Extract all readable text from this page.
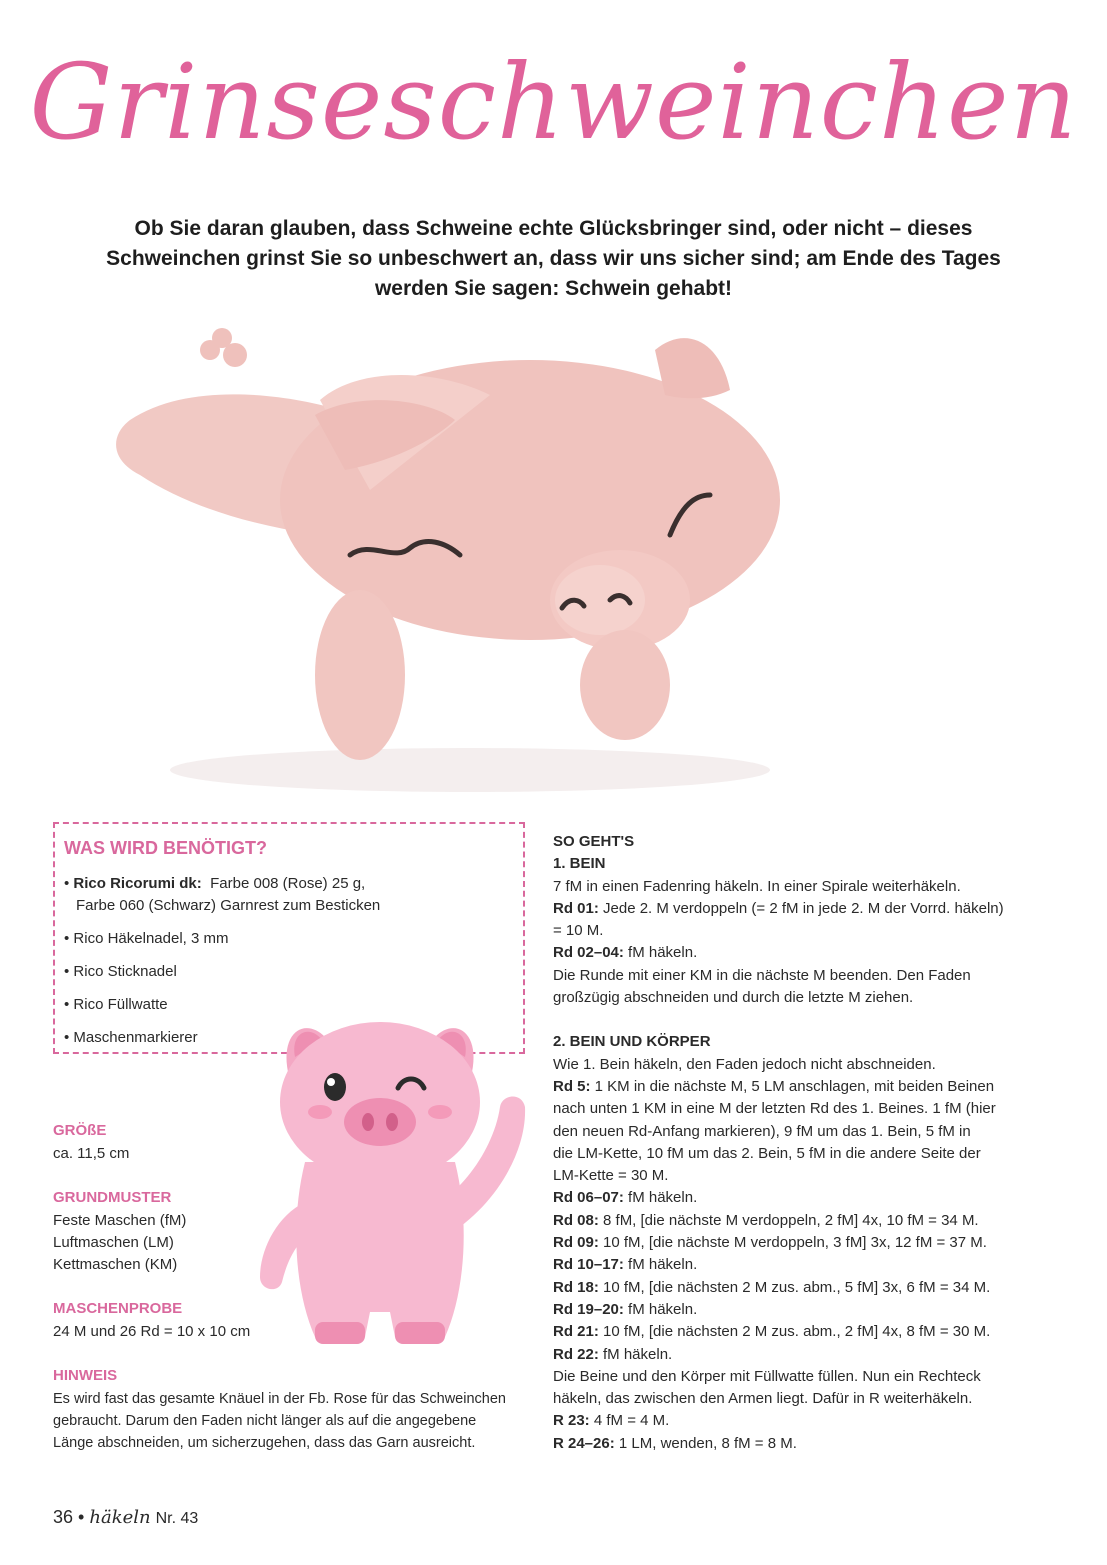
Grinseschweinchen
Ob Sie daran glauben, dass Schweine echte Glücksbringer sind, oder nicht – dieses Schweinchen grinst Sie so unbeschwert an, dass wir uns sicher sind; am Ende des Tages werden Sie sagen: Schwein gehabt!
WAS WIRD BENÖTIGT?
• Rico Ricorumi dk: Farbe 008 (Rose) 25 g,
Farbe 060 (Schwarz) Garnrest zum Besticken
• Rico Häkelnadel, 3 mm
• Rico Sticknadel
• Rico Füllwatte
• Maschenmarkierer
GRÖßE
ca. 11,5 cm
GRUNDMUSTER
Feste Maschen (fM)
Luftmaschen (LM)
Kettmaschen (KM)
MASCHENPROBE
24 M und 26 Rd = 10 x 10 cm
HINWEIS
Es wird fast das gesamte Knäuel in der Fb. Rose für das Schweinchen
gebraucht. Darum den Faden nicht länger als auf die angegebene
Länge abschneiden, um sicherzugehen, dass das Garn ausreicht.
SO GEHT'S
1. BEIN
7 fM in einen Fadenring häkeln. In einer Spirale weiterhäkeln.
Rd 01: Jede 2. M verdoppeln (= 2 fM in jede 2. M der Vorrd. häkeln)
= 10 M.
Rd 02–04: fM häkeln.
Die Runde mit einer KM in die nächste M beenden. Den Faden
großzügig abschneiden und durch die letzte M ziehen.
2. BEIN UND KÖRPER
Wie 1. Bein häkeln, den Faden jedoch nicht abschneiden.
Rd 5: 1 KM in die nächste M, 5 LM anschlagen, mit beiden Beinen
nach unten 1 KM in eine M der letzten Rd des 1. Beines. 1 fM (hier
den neuen Rd-Anfang markieren), 9 fM um das 1. Bein, 5 fM in
die LM-Kette, 10 fM um das 2. Bein, 5 fM in die andere Seite der
LM-Kette = 30 M.
Rd 06–07: fM häkeln.
Rd 08: 8 fM, [die nächste M verdoppeln, 2 fM] 4x, 10 fM = 34 M.
Rd 09: 10 fM, [die nächste M verdoppeln, 3 fM] 3x, 12 fM = 37 M.
Rd 10–17: fM häkeln.
Rd 18: 10 fM, [die nächsten 2 M zus. abm., 5 fM] 3x, 6 fM = 34 M.
Rd 19–20: fM häkeln.
Rd 21: 10 fM, [die nächsten 2 M zus. abm., 2 fM] 4x, 8 fM = 30 M.
Rd 22: fM häkeln.
Die Beine und den Körper mit Füllwatte füllen. Nun ein Rechteck
häkeln, das zwischen den Armen liegt. Dafür in R weiterhäkeln.
R 23: 4 fM = 4 M.
R 24–26: 1 LM, wenden, 8 fM = 8 M.
36 • häkeln Nr. 43
